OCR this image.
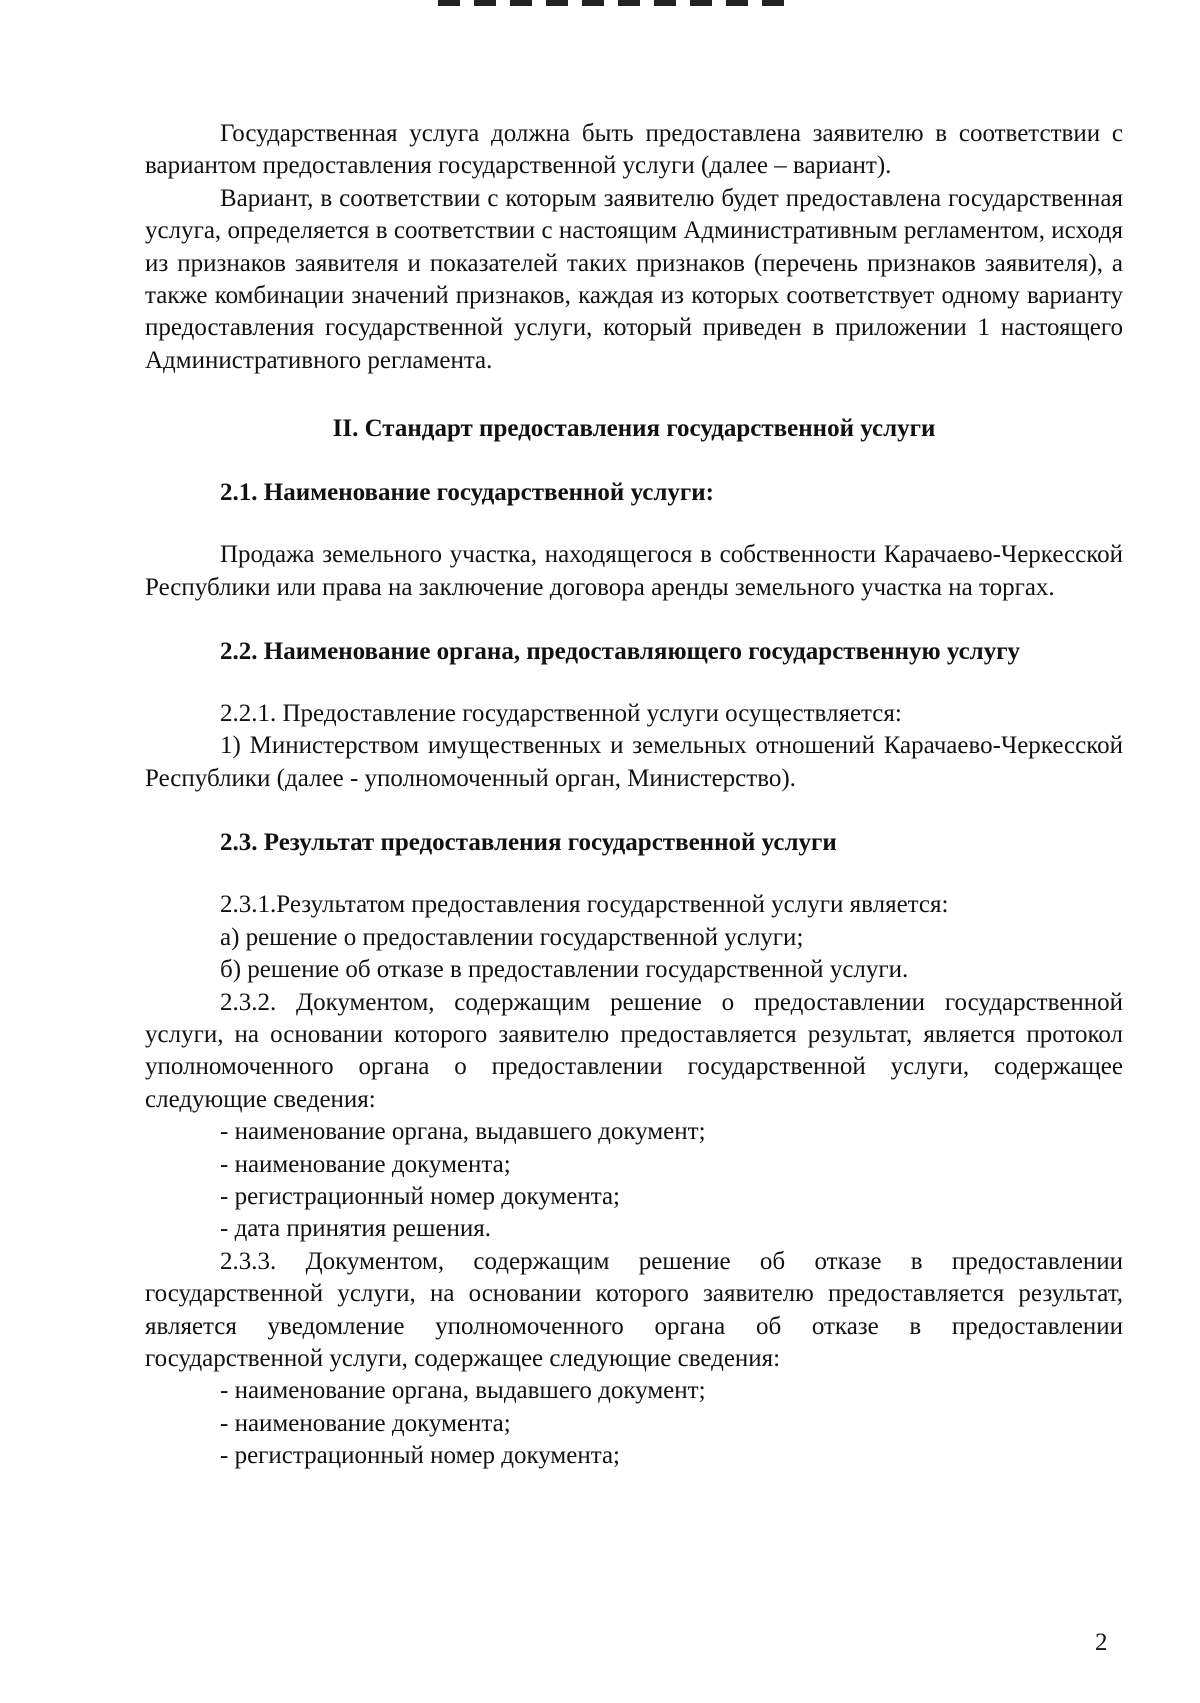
Государственная услуга должна быть предоставлена заявителю в соответствии с вариантом предоставления государственной услуги (далее – вариант).

Вариант, в соответствии с которым заявителю будет предоставлена государственная услуга, определяется в соответствии с настоящим Административным регламентом, исходя из признаков заявителя и показателей таких признаков (перечень признаков заявителя), а также комбинации значений признаков, каждая из которых соответствует одному варианту предоставления государственной услуги, который приведен в приложении 1 настоящего Административного регламента.

II. Стандарт предоставления государственной услуги
2.1. Наименование государственной услуги:

Продажа земельного участка, находящегося в собственности Карачаево-Черкесской Республики или права на заключение договора аренды земельного участка на торгах.

2.2. Наименование органа, предоставляющего государственную услугу

2.2.1. Предоставление государственной услуги осуществляется:

1) Министерством имущественных и земельных отношений Карачаево-Черкесской Республики (далее - уполномоченный орган, Министерство).

2.3. Результат предоставления государственной услуги

2.3.1.Результатом предоставления государственной услуги является:

а) решение о предоставлении государственной услуги;

б) решение об отказе в предоставлении государственной услуги.

2.3.2. Документом, содержащим решение о предоставлении государственной услуги, на основании которого заявителю предоставляется результат, является протокол уполномоченного органа о предоставлении государственной услуги, содержащее следующие сведения:

- наименование органа, выдавшего документ;

- наименование документа;

- регистрационный номер документа;

- дата принятия решения.

2.3.3. Документом, содержащим решение об отказе в предоставлении государственной услуги, на основании которого заявителю предоставляется результат, является уведомление уполномоченного органа об отказе в предоставлении государственной услуги, содержащее следующие сведения:

- наименование органа, выдавшего документ;

- наименование документа;

- регистрационный номер документа;

2
